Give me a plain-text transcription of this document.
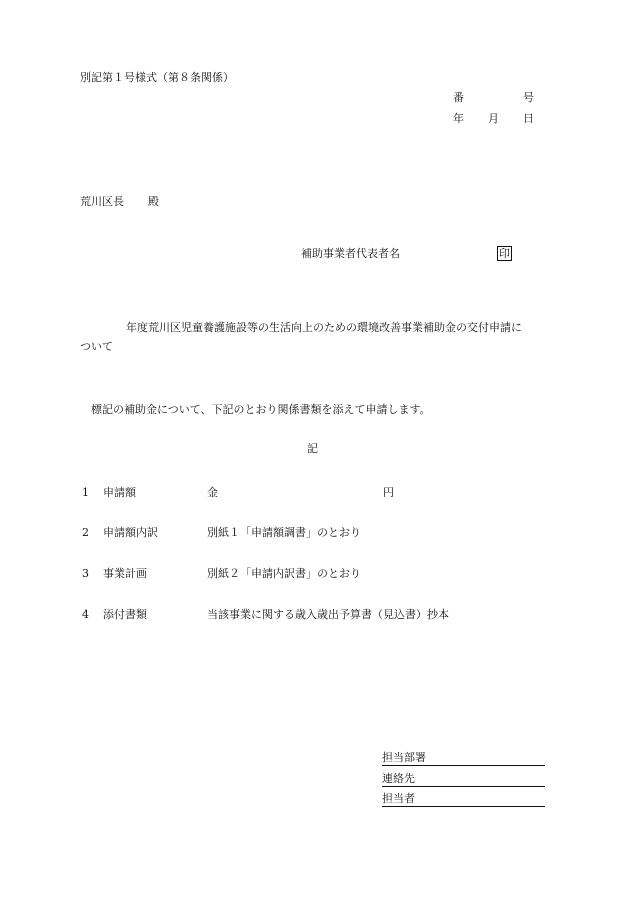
別記第１号様式（第８条関係）
番	号
年 月 日
荒川区長 殿
補助事業者代表者名	印
年度荒川区児童養護施設等の生活向上のための環境改善事業補助金の交付申請に
ついて
標記の補助金について、下記のとおり関係書類を添えて申請します。
記
1 申請額	金	円
2 申請額内訳	別紙１「申請額調書」のとおり
3 事業計画	別紙２「申請内訳書」のとおり
4 添付書類	当該事業に関する歳入歳出予算書（見込書）抄本
担当部署
連絡先
担当者
